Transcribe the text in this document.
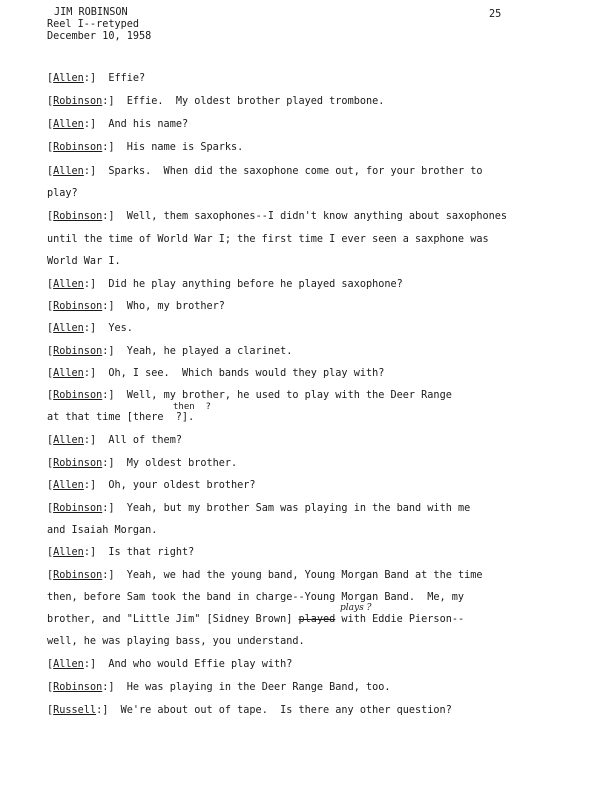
JIM ROBINSON
Reel I--retyped
December 10, 1958
25
[Allen:]  Effie?
[Robinson:]  Effie.  My oldest brother played trombone.
[Allen:]  And his name?
[Robinson:]  His name is Sparks.
[Allen:]  Sparks.  When did the saxophone come out, for your brother to
play?
[Robinson:]  Well, them saxophones--I didn't know anything about saxophones
until the time of World War I; the first time I ever seen a saxphone was
World War I.
[Allen:]  Did he play anything before he played saxophone?
[Robinson:]  Who, my brother?
[Allen:]  Yes.
[Robinson:]  Yeah, he played a clarinet.
[Allen:]  Oh, I see.  Which bands would they play with?
[Robinson:]  Well, my brother, he used to play with the Deer Range
then  ?
at that time [there  ?].
[Allen:]  All of them?
[Robinson:]  My oldest brother.
[Allen:]  Oh, your oldest brother?
[Robinson:]  Yeah, but my brother Sam was playing in the band with me
and Isaiah Morgan.
[Allen:]  Is that right?
[Robinson:]  Yeah, we had the young band, Young Morgan Band at the time
then, before Sam took the band in charge--Young Morgan Band.  Me, my
plays ?
brother, and "Little Jim" [Sidney Brown] played with Eddie Pierson--
well, he was playing bass, you understand.
[Allen:]  And who would Effie play with?
[Robinson:]  He was playing in the Deer Range Band, too.
[Russell:]  We're about out of tape.  Is there any other question?
